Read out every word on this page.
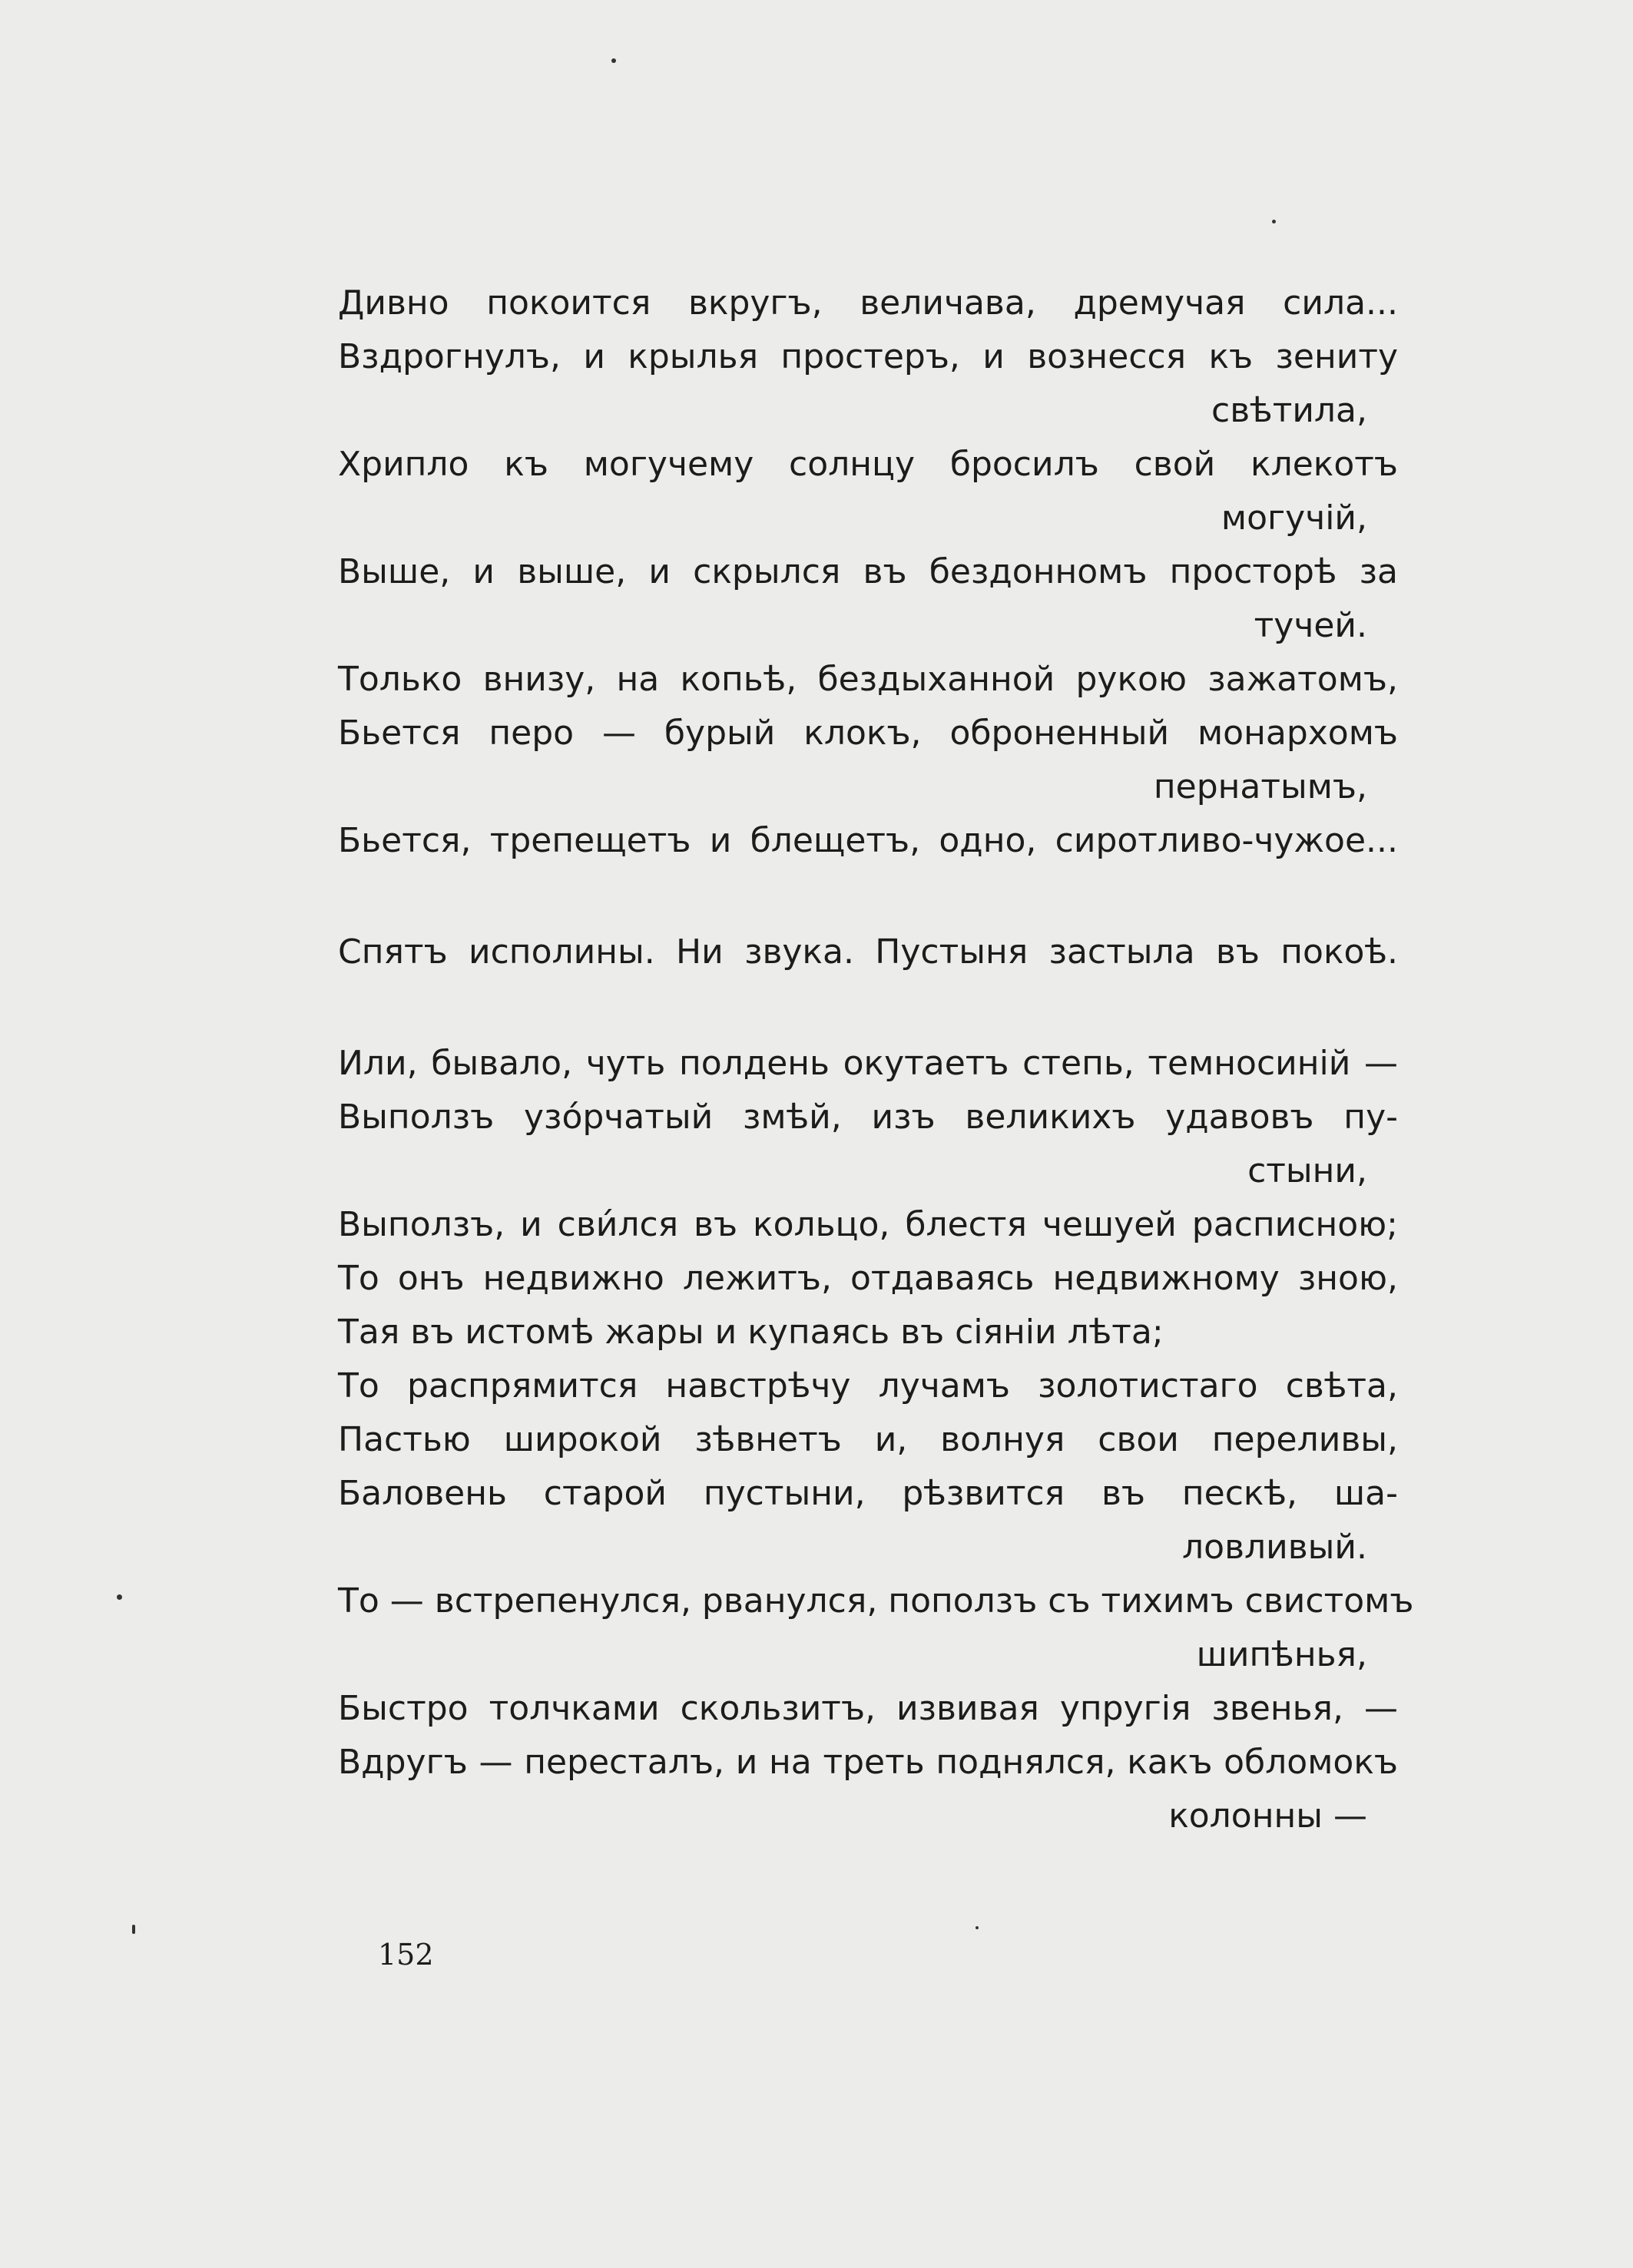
Дивно покоится вкругъ, величава, дремучая сила...
Вздрогнулъ, и крылья простеръ, и вознесся къ зениту
свѣтила,
Хрипло къ могучему солнцу бросилъ свой клекотъ
могучій,
Выше, и выше, и скрылся въ бездонномъ просторѣ за
тучей.
Только внизу, на копьѣ, бездыханной рукою зажатомъ,
Бьется перо — бурый клокъ, оброненный монархомъ
пернатымъ,
Бьется, трепещетъ и блещетъ, одно, сиротливо-чужое...
Спятъ исполины. Ни звука. Пустыня застыла въ покоѣ.
Или, бывало, чуть полдень окутаетъ степь, темносиній —
Выползъ узо́рчатый змѣй, изъ великихъ удавовъ пу-
стыни,
Выползъ, и сви́лся въ кольцо, блестя чешуей расписною;
То онъ недвижно лежитъ, отдаваясь недвижному зною,
Тая въ истомѣ жары и купаясь въ сіяніи лѣта;
То распрямится навстрѣчу лучамъ золотистаго свѣта,
Пастью широкой зѣвнетъ и, волнуя свои переливы,
Баловень старой пустыни, рѣзвится въ пескѣ, ша-
ловливый.
То — встрепенулся, рванулся, поползъ съ тихимъ свистомъ
шипѣнья,
Быстро толчками скользитъ, извивая упругія звенья, —
Вдругъ — пересталъ, и на треть поднялся, какъ обломокъ
колонны —
152
